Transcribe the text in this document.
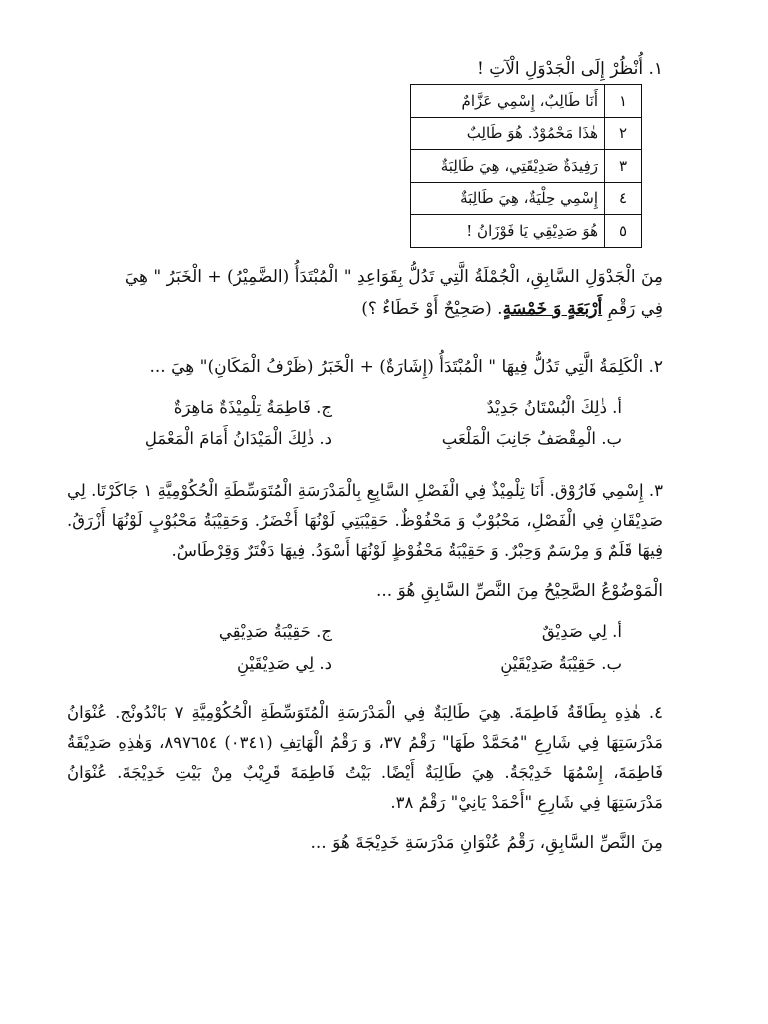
١. أُنْظُرْ إِلَى الْجَدْوَلِ الْآتِ !
١	أَنَا طَالِبٌ، إِسْمِي عَزَّامٌ
٢	هٰذَا مَحْمُوْدٌ. هُوَ طَالِبٌ
٣	رَفِيدَةٌ صَدِيْقَتِي، هِيَ طَالِبَةٌ
٤	إِسْمِي حِلْيَةٌ، هِيَ طَالِبَةٌ
٥	هُوَ صَدِيْقِي يَا فَوْزَانُ !
مِنَ الْجَدْوَلِ السَّابِقِ، الْجُمْلَةُ الَّتِي تَدُلُّ بِقَوَاعِدِ " الْمُبْتَدَأُ (الضَّمِيْرُ) + الْخَبَرُ " هِيَ
فِي رَقْمِ أَرْبَعَةٍ وَ خَمْسَةٍ. (صَحِيْحٌ أَوْ خَطَاءٌ ؟)
٢. الْكَلِمَةُ الَّتِي تَدُلُّ فِيهَا " الْمُبْتَدَأُ (إِشَارَةٌ) + الْخَبَرُ (ظَرْفُ الْمَكَانِ)" هِيَ ...
أ. ذٰلِكَ الْبُسْتَانُ جَدِيْدٌ
ج. فَاطِمَةُ تِلْمِيْذَةٌ مَاهِرَةٌ
ب. الْمِقْصَفُ جَانِبَ الْمَلْعَبِ
د. ذٰلِكَ الْمَيْدَانُ أَمَامَ الْمَعْمَلِ
٣. إِسْمِي فَارُوْق. أَنَا تِلْمِيْذٌ فِي الْفَصْلِ السَّابِعِ بِالْمَدْرَسَةِ الْمُتَوَسِّطَةِ الْحُكُوْمِيَّةِ ١ جَاكَرْتَا. لِي صَدِيْقَانِ فِي الْفَصْلِ، مَحْبُوْبٌ وَ مَحْفُوْظٌ. حَقِيْبَتِي لَوْنُهَا أَخْضَرُ. وَحَقِيْبَةُ مَحْبُوْبٍ لَوْنُهَا أَزْرَقُ. فِيهَا قَلَمٌ وَ مِرْسَمٌ وَحِبْرٌ. وَ حَقِيْبَةُ مَحْفُوْظٍ لَوْنُهَا أَسْوَدُ. فِيهَا دَفْتَرٌ وَقِرْطَاسٌ.
الْمَوْضُوْعُ الصَّحِيْحُ مِنَ النَّصِّ السَّابِقِ هُوَ ...
أ. لِي صَدِيْقٌ
ج. حَقِيْبَةُ صَدِيْقِي
ب. حَقِيْبَةُ صَدِيْقَيْنِ
د. لِي صَدِيْقَيْنِ
٤. هٰذِهِ بِطَاقَةُ فَاطِمَةَ. هِيَ طَالِبَةٌ فِي الْمَدْرَسَةِ الْمُتَوَسِّطَةِ الْحُكُوْمِيَّةِ ٧ بَانْدُونْج. عُنْوَانُ مَدْرَسَتِهَا فِي شَارِعِ "مُحَمَّدْ طَهَا" رَقْمُ ٣٧، وَ رَقْمُ الْهَاتِفِ (٠٣٤١) ٨٩٧٦٥٤، وَهٰذِهِ صَدِيْقَةُ فَاطِمَةَ، إِسْمُهَا خَدِيْجَةُ. هِيَ طَالِبَةٌ أَيْضًا. بَيْتُ فَاطِمَةَ قَرِيْبٌ مِنْ بَيْتِ خَدِيْجَةَ. عُنْوَانُ مَدْرَسَتِهَا فِي شَارِعِ "أَحْمَدْ يَانِيْ" رَقْمُ ٣٨.
مِنَ النَّصِّ السَّابِقِ، رَقْمُ عُنْوَانِ مَدْرَسَةِ خَدِيْجَةَ هُوَ ...
